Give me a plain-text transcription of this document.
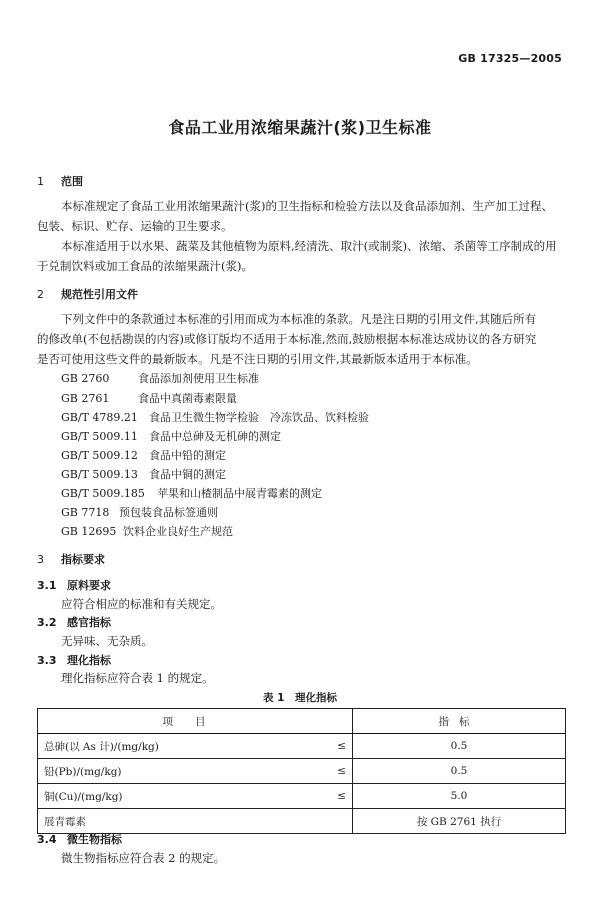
GB 17325—2005
食品工业用浓缩果蔬汁(浆)卫生标准
1 范围
本标准规定了食品工业用浓缩果蔬汁(浆)的卫生指标和检验方法以及食品添加剂、生产加工过程、
包装、标识、贮存、运输的卫生要求。
本标准适用于以水果、蔬菜及其他植物为原料,经清洗、取汁(或制浆)、浓缩、杀菌等工序制成的用
于兑制饮料或加工食品的浓缩果蔬汁(浆)。
2 规范性引用文件
下列文件中的条款通过本标准的引用而成为本标准的条款。凡是注日期的引用文件,其随后所有
的修改单(不包括勘误的内容)或修订版均不适用于本标准,然而,鼓励根据本标准达成协议的各方研究
是否可使用这些文件的最新版本。凡是不注日期的引用文件,其最新版本适用于本标准。
GB 2760	食品添加剂使用卫生标准
GB 2761	食品中真菌毒素限量
GB/T 4789.21 食品卫生微生物学检验　冷冻饮品、饮料检验
GB/T 5009.11 食品中总砷及无机砷的测定
GB/T 5009.12 食品中铅的测定
GB/T 5009.13 食品中铜的测定
GB/T 5009.185 苹果和山楂制品中展青霉素的测定
GB 7718 预包装食品标签通则
GB 12695 饮料企业良好生产规范
3 指标要求
3.1 原料要求
应符合相应的标准和有关规定。
3.2 感官指标
无异味、无杂质。
3.3 理化指标
理化指标应符合表 1 的规定。
表 1　理化指标
项目		指标
总砷(以 As 计)/(mg/kg)	≤	0.5
铅(Pb)/(mg/kg)	≤	0.5
铜(Cu)/(mg/kg)	≤	5.0
展青霉素		按 GB 2761 执行
3.4 微生物指标
微生物指标应符合表 2 的规定。
